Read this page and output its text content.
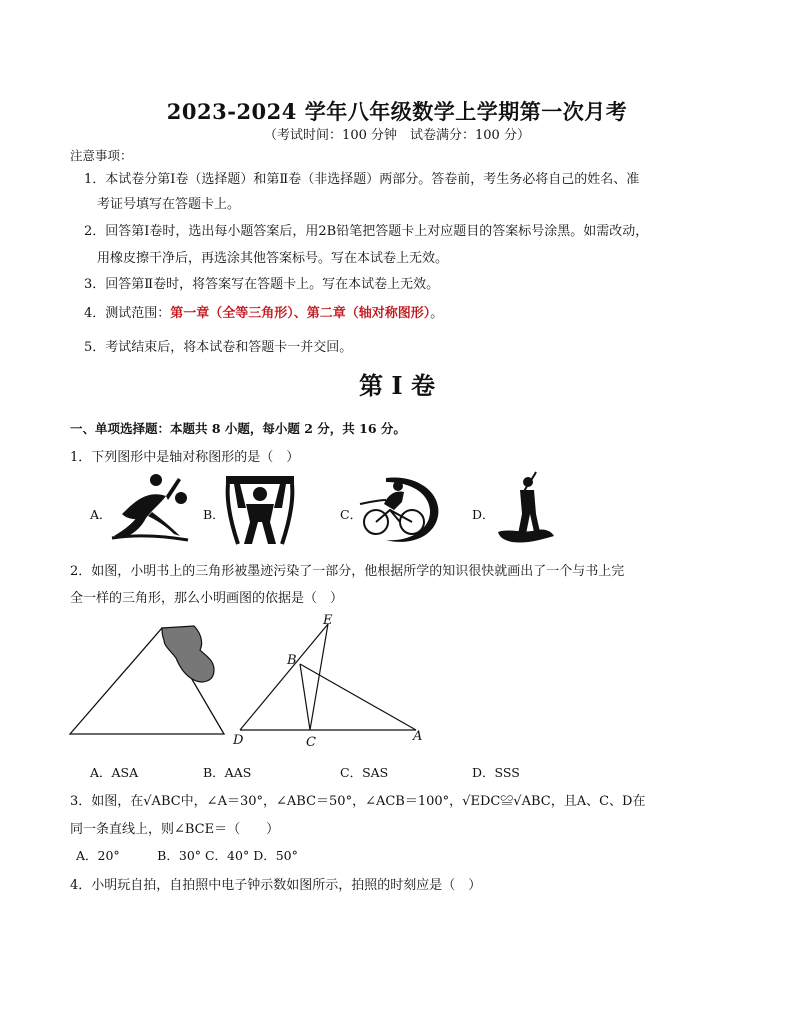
2023-2024 学年八年级数学上学期第一次月考
（考试时间：100 分钟　试卷满分：100 分）
注意事项：
1．本试卷分第Ⅰ卷（选择题）和第Ⅱ卷（非选择题）两部分。答卷前，考生务必将自己的姓名、准
考证号填写在答题卡上。
2．回答第Ⅰ卷时，选出每小题答案后，用2B铅笔把答题卡上对应题目的答案标号涂黑。如需改动，
用橡皮擦干净后，再选涂其他答案标号。写在本试卷上无效。
3．回答第Ⅱ卷时，将答案写在答题卡上。写在本试卷上无效。
4．测试范围：第一章（全等三角形）、第二章（轴对称图形）。
5．考试结束后，将本试卷和答题卡一并交回。
第 I 卷
一、单项选择题：本题共 8 小题，每小题 2 分，共 16 分。
1．下列图形中是轴对称图形的是（　）
A．	B．	C．	D．
2．如图，小明书上的三角形被墨迹污染了一部分，他根据所学的知识很快就画出了一个与书上完
全一样的三角形，那么小明画图的依据是（　）
E
B
D	C	A
A．ASA	B．AAS	C．SAS	D．SSS
3．如图，在√ABC中，∠A＝30°，∠ABC＝50°，∠ACB＝100°，√EDC≌√ABC，且A、C、D在
同一条直线上，则∠BCE＝（　　）
A．20°　　　B．30° C．40° D．50°
4．小明玩自拍，自拍照中电子钟示数如图所示，拍照的时刻应是（　）
